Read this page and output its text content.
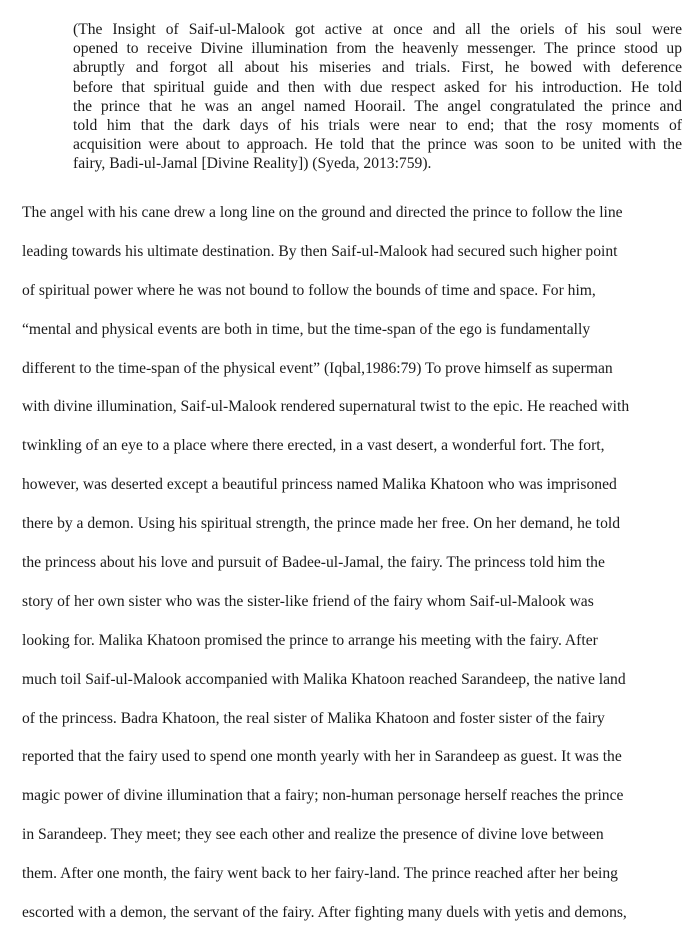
(The Insight of Saif-ul-Malook got active at once and all the oriels of his soul were
opened to receive Divine illumination from the heavenly messenger. The prince stood up
abruptly and forgot all about his miseries and trials. First, he bowed with deference
before that spiritual guide and then with due respect asked for his introduction. He told
the prince that he was an angel named Hoorail. The angel congratulated the prince and
told him that the dark days of his trials were near to end; that the rosy moments of
acquisition were about to approach. He told that the prince was soon to be united with the
fairy, Badi-ul-Jamal [Divine Reality]) (Syeda, 2013:759).
The angel with his cane drew a long line on the ground and directed the prince to follow the line
leading towards his ultimate destination. By then Saif-ul-Malook had secured such higher point
of spiritual power where he was not bound to follow the bounds of time and space. For him,
“mental and physical events are both in time, but the time-span of the ego is fundamentally
different to the time-span of the physical event” (Iqbal,1986:79) To prove himself as superman
with divine illumination, Saif-ul-Malook rendered supernatural twist to the epic. He reached with
twinkling of an eye to a place where there erected, in a vast desert, a wonderful fort. The fort,
however, was deserted except a beautiful princess named Malika Khatoon who was imprisoned
there by a demon. Using his spiritual strength, the prince made her free. On her demand, he told
the princess about his love and pursuit of Badee-ul-Jamal, the fairy. The princess told him the
story of her own sister who was the sister-like friend of the fairy whom Saif-ul-Malook was
looking for. Malika Khatoon promised the prince to arrange his meeting with the fairy. After
much toil Saif-ul-Malook accompanied with Malika Khatoon reached Sarandeep, the native land
of the princess. Badra Khatoon, the real sister of Malika Khatoon and foster sister of the fairy
reported that the fairy used to spend one month yearly with her in Sarandeep as guest. It was the
magic power of divine illumination that a fairy; non-human personage herself reaches the prince
in Sarandeep. They meet; they see each other and realize the presence of divine love between
them. After one month, the fairy went back to her fairy-land. The prince reached after her being
escorted with a demon, the servant of the fairy. After fighting many duels with yetis and demons,
